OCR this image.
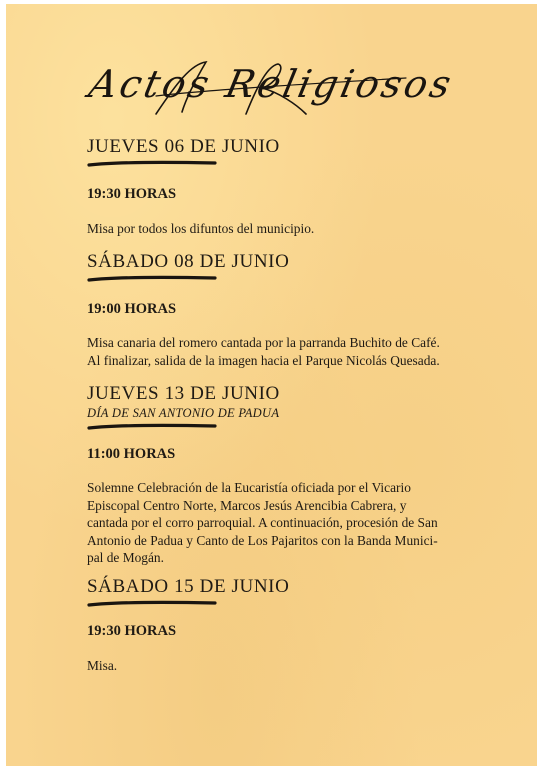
Actos Religiosos
JUEVES 06 DE JUNIO
19:30 HORAS

Misa por todos los difuntos del municipio.

SÁBADO 08 DE JUNIO
19:00 HORAS

Misa canaria del romero cantada por la parranda Buchito de Café.

Al finalizar, salida de la imagen hacia el Parque Nicolás Quesada.

JUEVES 13 DE JUNIO
DÍA DE SAN ANTONIO DE PADUA
11:00 HORAS

Solemne Celebración de la Eucaristía oficiada por el Vicario

Episcopal Centro Norte, Marcos Jesús Arencibia Cabrera, y

cantada por el corro parroquial. A continuación, procesión de San

Antonio de Padua y Canto de Los Pajaritos con la Banda Munici-

pal de Mogán.

SÁBADO 15 DE JUNIO
19:30 HORAS

Misa.
